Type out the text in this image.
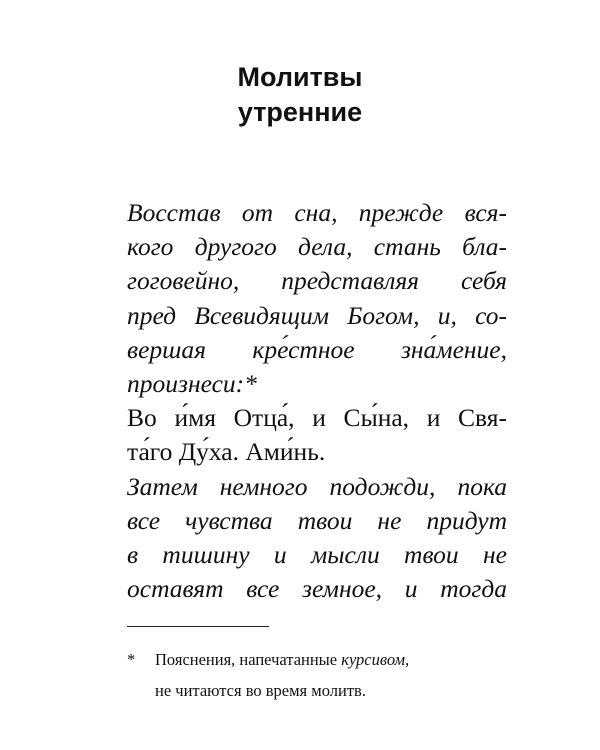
Молитвы
утренние
Восстав от сна, прежде вся-
кого другого дела, стань бла-
гоговейно, представляя себя
пред Всевидящим Богом, и, со-
вершая кре́стное зна́мение,
произнеси:*
Во и́мя Отца́, и Сы́на, и Свя-
та́го Ду́ха. Ами́нь.
Затем немного подожди, пока
все чувства твои не придут
в тишину и мысли твои не
оставят все земное, и тогда
* Пояснения, напечатанные курсивом,
не читаются во время молитв.
